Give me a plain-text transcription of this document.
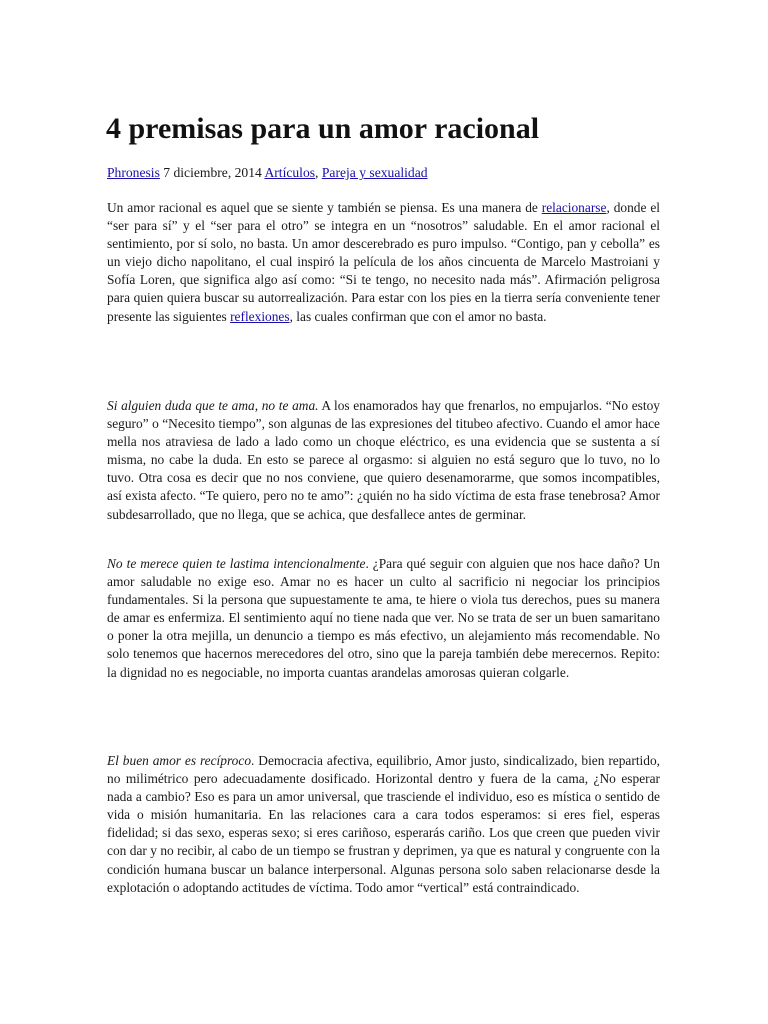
4 premisas para un amor racional

Phronesis 7 diciembre, 2014 Artículos, Pareja y sexualidad

Un amor racional es aquel que se siente y también se piensa. Es una manera de relacionarse, donde el “ser para sí” y el “ser para el otro” se integra en un “nosotros” saludable. En el amor racional el sentimiento, por sí solo, no basta. Un amor descerebrado es puro impulso. “Contigo, pan y cebolla” es un viejo dicho napolitano, el cual inspiró la película de los años cincuenta de Marcelo Mastroiani y Sofía Loren, que significa algo así como: “Si te tengo, no necesito nada más”. Afirmación peligrosa para quien quiera buscar su autorrealización. Para estar con los pies en la tierra sería conveniente tener presente las siguientes reflexiones, las cuales confirman que con el amor no basta.

Si alguien duda que te ama, no te ama. A los enamorados hay que frenarlos, no empujarlos. “No estoy seguro” o “Necesito tiempo”, son algunas de las expresiones del titubeo afectivo. Cuando el amor hace mella nos atraviesa de lado a lado como un choque eléctrico, es una evidencia que se sustenta a sí misma, no cabe la duda. En esto se parece al orgasmo: si alguien no está seguro que lo tuvo, no lo tuvo. Otra cosa es decir que no nos conviene, que quiero desenamorarme, que somos incompatibles, así exista afecto. “Te quiero, pero no te amo”: ¿quién no ha sido víctima de esta frase tenebrosa? Amor subdesarrollado, que no llega, que se achica, que desfallece antes de germinar.

No te merece quien te lastima intencionalmente. ¿Para qué seguir con alguien que nos hace daño? Un amor saludable no exige eso. Amar no es hacer un culto al sacrificio ni negociar los principios fundamentales. Si la persona que supuestamente te ama, te hiere o viola tus derechos, pues su manera de amar es enfermiza. El sentimiento aquí no tiene nada que ver. No se trata de ser un buen samaritano o poner la otra mejilla, un denuncio a tiempo es más efectivo, un alejamiento más recomendable. No solo tenemos que hacernos merecedores del otro, sino que la pareja también debe merecernos. Repito: la dignidad no es negociable, no importa cuantas arandelas amorosas quieran colgarle.

El buen amor es recíproco. Democracia afectiva, equilibrio, Amor justo, sindicalizado, bien repartido, no milimétrico pero adecuadamente dosificado. Horizontal dentro y fuera de la cama, ¿No esperar nada a cambio? Eso es para un amor universal, que trasciende el individuo, eso es mística o sentido de vida o misión humanitaria. En las relaciones cara a cara todos esperamos: si eres fiel, esperas fidelidad; si das sexo, esperas sexo; si eres cariñoso, esperarás cariño. Los que creen que pueden vivir con dar y no recibir, al cabo de un tiempo se frustran y deprimen, ya que es natural y congruente con la condición humana buscar un balance interpersonal. Algunas persona solo saben relacionarse desde la explotación o adoptando actitudes de víctima. Todo amor “vertical” está contraindicado.
